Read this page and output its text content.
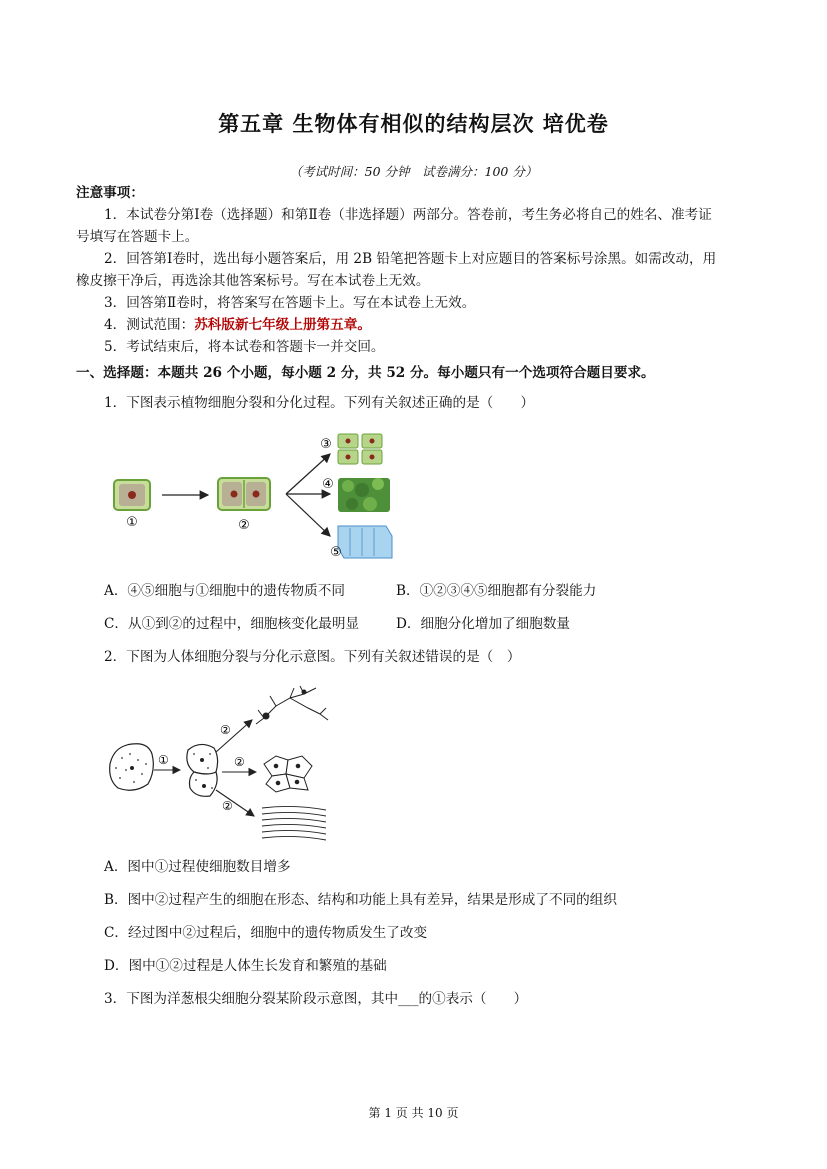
第五章 生物体有相似的结构层次 培优卷
（考试时间：50 分钟　试卷满分：100 分）
注意事项：
1．本试卷分第Ⅰ卷（选择题）和第Ⅱ卷（非选择题）两部分。答卷前，考生务必将自己的姓名、准考证
号填写在答题卡上。
2．回答第Ⅰ卷时，选出每小题答案后，用 2B 铅笔把答题卡上对应题目的答案标号涂黑。如需改动，用
橡皮擦干净后，再选涂其他答案标号。写在本试卷上无效。
3．回答第Ⅱ卷时，将答案写在答题卡上。写在本试卷上无效。
4．测试范围：苏科版新七年级上册第五章。
5．考试结束后，将本试卷和答题卡一并交回。
一、选择题：本题共 26 个小题，每小题 2 分，共 52 分。每小题只有一个选项符合题目要求。
1．下图表示植物细胞分裂和分化过程。下列有关叙述正确的是（　　）
①	②
③
④
⑤
A．④⑤细胞与①细胞中的遗传物质不同	B．①②③④⑤细胞都有分裂能力
C．从①到②的过程中，细胞核变化最明显	D．细胞分化增加了细胞数量
2．下图为人体细胞分裂与分化示意图。下列有关叙述错误的是（　）
①
②
②
②
A．图中①过程使细胞数目增多
B．图中②过程产生的细胞在形态、结构和功能上具有差异，结果是形成了不同的组织
C．经过图中②过程后，细胞中的遗传物质发生了改变
D．图中①②过程是人体生长发育和繁殖的基础
3．下图为洋葱根尖细胞分裂某阶段示意图，其中___的①表示（　　）
第 1 页 共 10 页
